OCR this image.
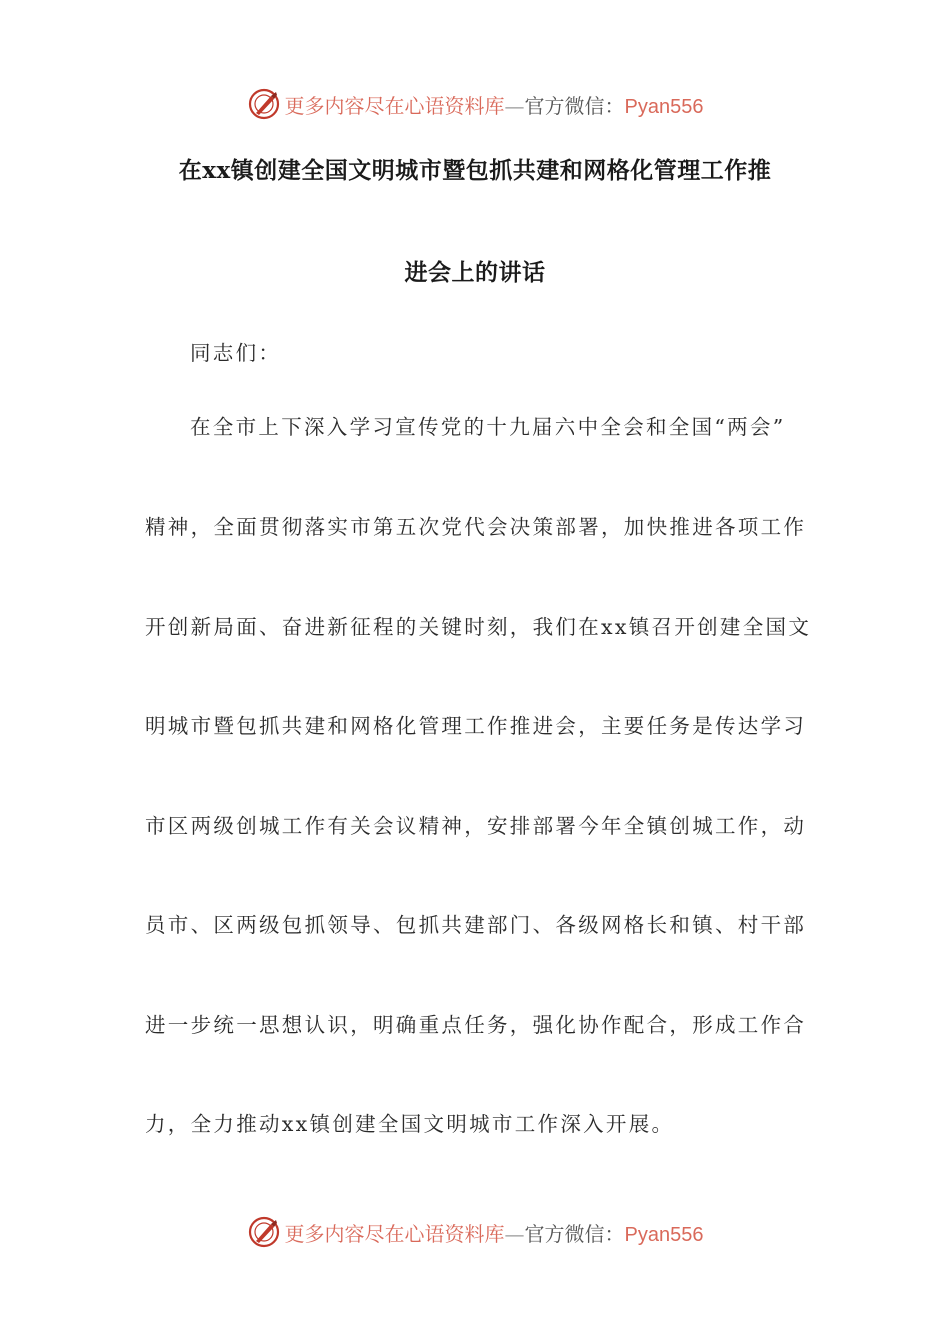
更多内容尽在心语资料库—官方微信：Pyan556
在xx镇创建全国文明城市暨包抓共建和网格化管理工作推
进会上的讲话
同志们：
在全市上下深入学习宣传党的十九届六中全会和全国“两会”
精神，全面贯彻落实市第五次党代会决策部署，加快推进各项工作
开创新局面、奋进新征程的关键时刻，我们在xx镇召开创建全国文
明城市暨包抓共建和网格化管理工作推进会，主要任务是传达学习
市区两级创城工作有关会议精神，安排部署今年全镇创城工作，动
员市、区两级包抓领导、包抓共建部门、各级网格长和镇、村干部
进一步统一思想认识，明确重点任务，强化协作配合，形成工作合
力，全力推动xx镇创建全国文明城市工作深入开展。
更多内容尽在心语资料库—官方微信：Pyan556
